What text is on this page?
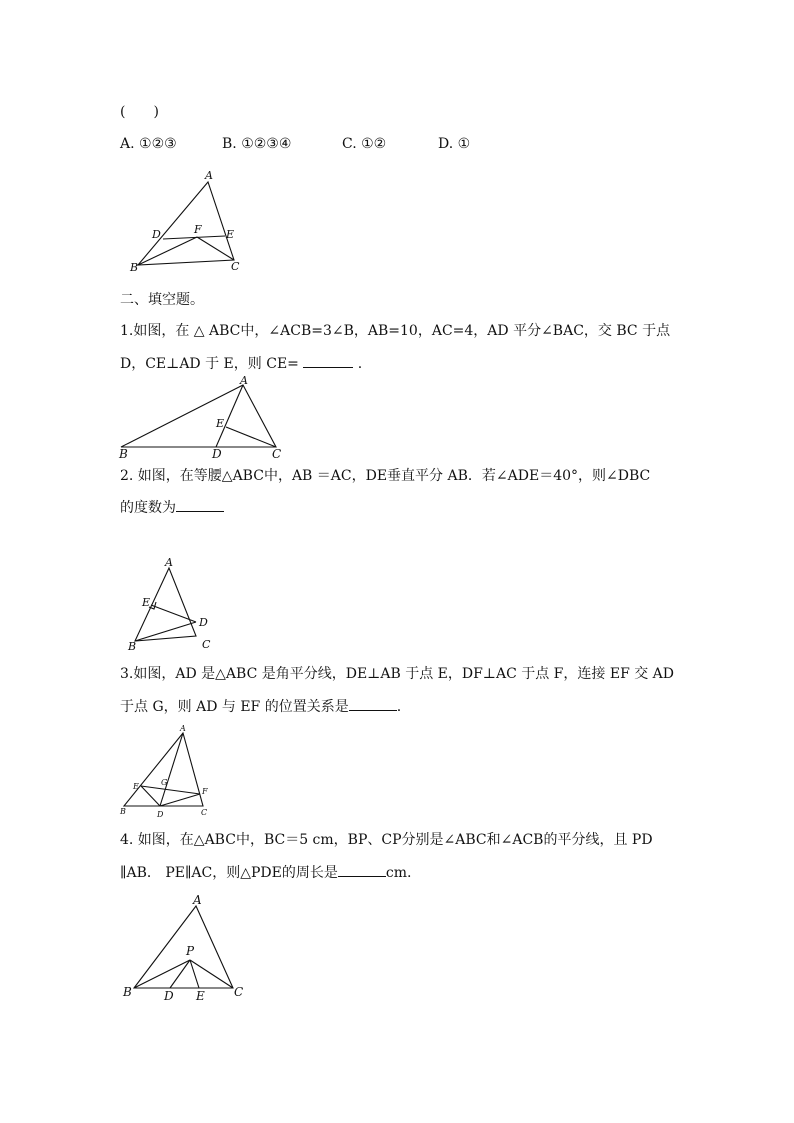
(　　)
A. ①②③	B. ①②③④	C. ①②	D. ①
A
D	F E
B	C
二、填空题。
1.如图，在 △ ABC中，∠ACB=3∠B，AB=10，AC=4，AD 平分∠BAC，交 BC 于点
D，CE⊥AD 于 E，则 CE=	.
A
E
B	D	C
2. 如图，在等腰△ABC中，AB ＝AC，DE垂直平分 AB．若∠ADE＝40°，则∠DBC
的度数为
A
E
D
B	C
3.如图，AD 是△ABC 是角平分线，DE⊥AB 于点 E，DF⊥AC 于点 F，连接 EF 交 AD
于点 G，则 AD 与 EF 的位置关系是	.
A
E	G
F
B	D	C
4. 如图，在△ABC中，BC＝5 cm，BP、CP分别是∠ABC和∠ACB的平分线，且 PD
∥AB． PE∥AC，则△PDE的周长是	cm.
A
P
B	D E C
